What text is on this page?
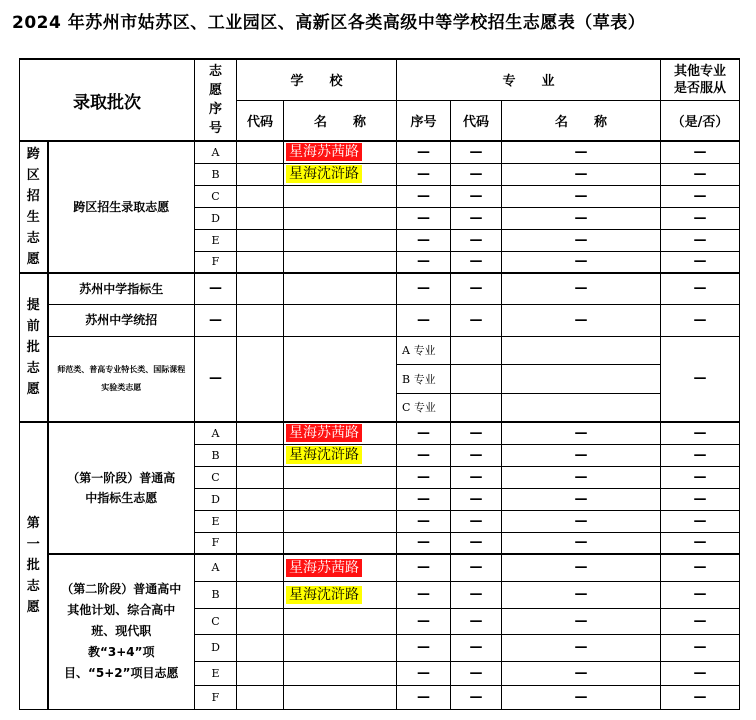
2024 年苏州市姑苏区、工业园区、高新区各类高级中等学校招生志愿表（草表）
录取批次		志愿序号	学　　校		专　　业			其他专业是否服从

			代码	名　　称	序号	代码	名　　称	（是/否）

跨区招生志愿	跨区招生录取志愿	A		星海苏茜路	—	—	—	—
		B		星海沈浒路	—	—	—	—
		C			—	—	—	—
		D			—	—	—	—
		E			—	—	—	—
		F			—	—	—	—

提前批志愿	苏州中学指标生	—			—	—	—	—
	苏州中学统招	—			—	—	—	—

	师范类、普高专业特长类、国际课程实验类志愿	—			A 专业			—
					B 专业			
					C 专业			

第一批志愿	（第一阶段）普通高中指标生志愿	A		星海苏茜路	—	—	—	—
		B		星海沈浒路	—	—	—	—
		C			—	—	—	—
		D			—	—	—	—
		E			—	—	—	—
		F			—	—	—	—

	（第二阶段）普通高中其他计划、综合高中班、现代职教“3+4”项目、“5+2”项目志愿	A		星海苏茜路	—	—	—	—
		B		星海沈浒路	—	—	—	—
		C			—	—	—	—
		D			—	—	—	—
		E			—	—	—	—
		F			—	—	—	—
